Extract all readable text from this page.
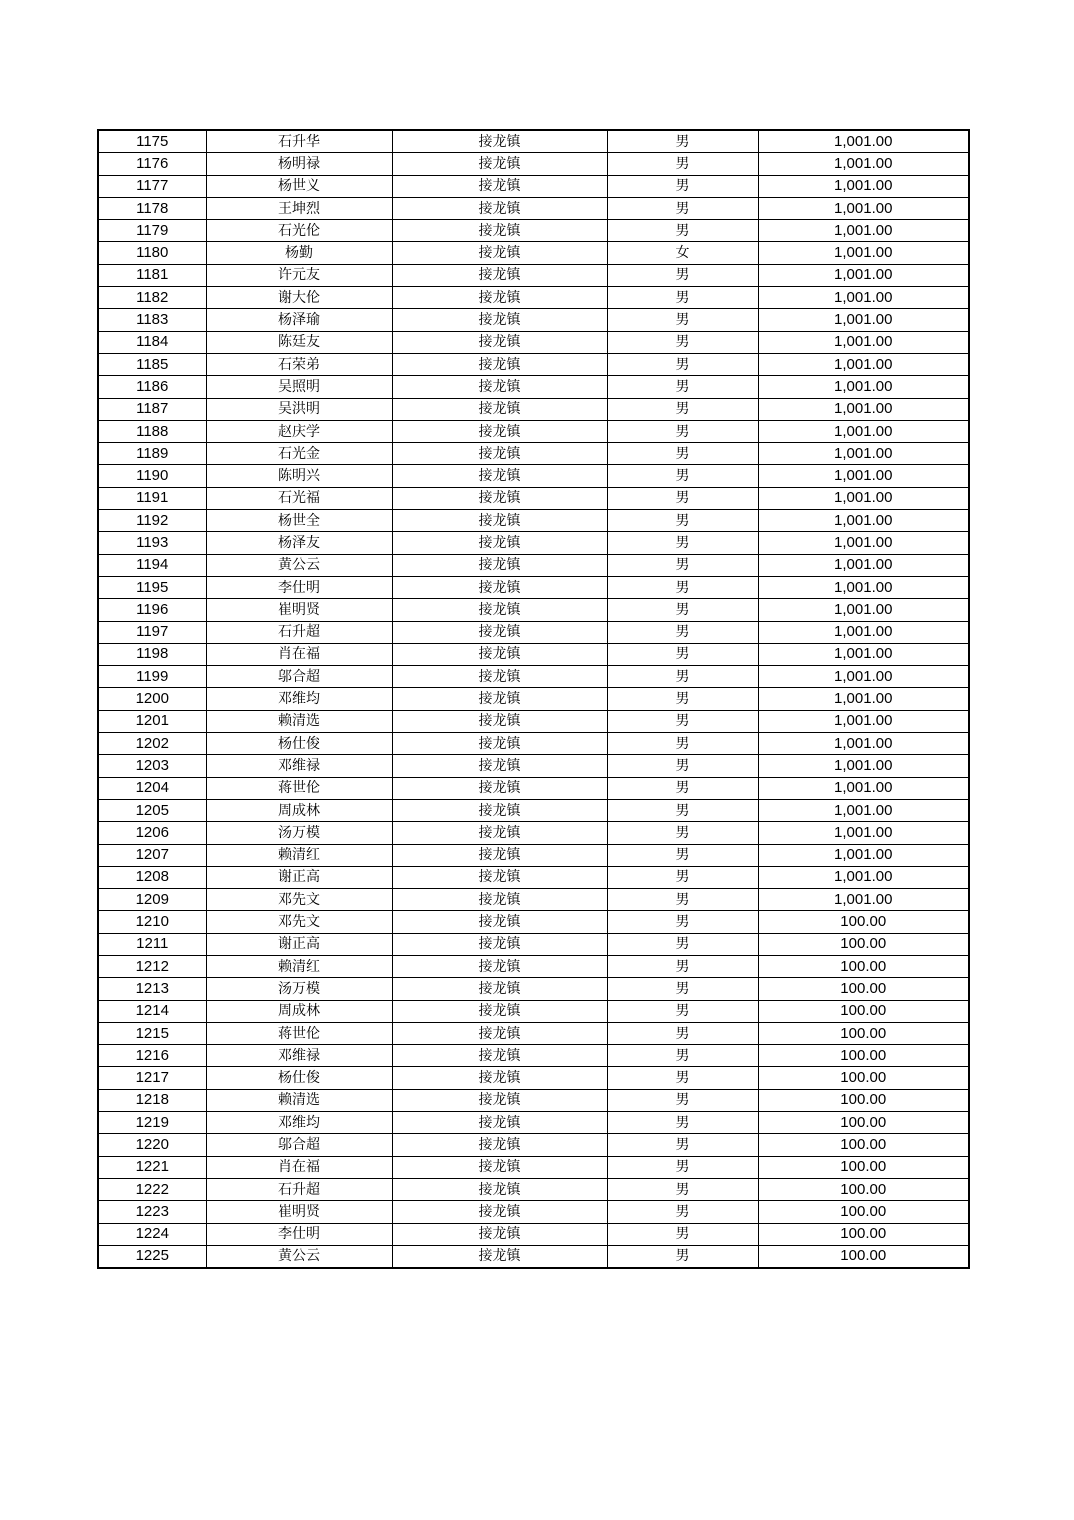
1175	石升华	接龙镇	男	1,001.00
1176	杨明禄	接龙镇	男	1,001.00
1177	杨世义	接龙镇	男	1,001.00
1178	王坤烈	接龙镇	男	1,001.00
1179	石光伦	接龙镇	男	1,001.00
1180	杨勤	接龙镇	女	1,001.00
1181	许元友	接龙镇	男	1,001.00
1182	谢大伦	接龙镇	男	1,001.00
1183	杨泽瑜	接龙镇	男	1,001.00
1184	陈廷友	接龙镇	男	1,001.00
1185	石荣弟	接龙镇	男	1,001.00
1186	吴照明	接龙镇	男	1,001.00
1187	吴洪明	接龙镇	男	1,001.00
1188	赵庆学	接龙镇	男	1,001.00
1189	石光金	接龙镇	男	1,001.00
1190	陈明兴	接龙镇	男	1,001.00
1191	石光福	接龙镇	男	1,001.00
1192	杨世全	接龙镇	男	1,001.00
1193	杨泽友	接龙镇	男	1,001.00
1194	黄公云	接龙镇	男	1,001.00
1195	李仕明	接龙镇	男	1,001.00
1196	崔明贤	接龙镇	男	1,001.00
1197	石升超	接龙镇	男	1,001.00
1198	肖在福	接龙镇	男	1,001.00
1199	邬合超	接龙镇	男	1,001.00
1200	邓维均	接龙镇	男	1,001.00
1201	赖清选	接龙镇	男	1,001.00
1202	杨仕俊	接龙镇	男	1,001.00
1203	邓维禄	接龙镇	男	1,001.00
1204	蒋世伦	接龙镇	男	1,001.00
1205	周成林	接龙镇	男	1,001.00
1206	汤万模	接龙镇	男	1,001.00
1207	赖清红	接龙镇	男	1,001.00
1208	谢正高	接龙镇	男	1,001.00
1209	邓先文	接龙镇	男	1,001.00
1210	邓先文	接龙镇	男	100.00
1211	谢正高	接龙镇	男	100.00
1212	赖清红	接龙镇	男	100.00
1213	汤万模	接龙镇	男	100.00
1214	周成林	接龙镇	男	100.00
1215	蒋世伦	接龙镇	男	100.00
1216	邓维禄	接龙镇	男	100.00
1217	杨仕俊	接龙镇	男	100.00
1218	赖清选	接龙镇	男	100.00
1219	邓维均	接龙镇	男	100.00
1220	邬合超	接龙镇	男	100.00
1221	肖在福	接龙镇	男	100.00
1222	石升超	接龙镇	男	100.00
1223	崔明贤	接龙镇	男	100.00
1224	李仕明	接龙镇	男	100.00
1225	黄公云	接龙镇	男	100.00
